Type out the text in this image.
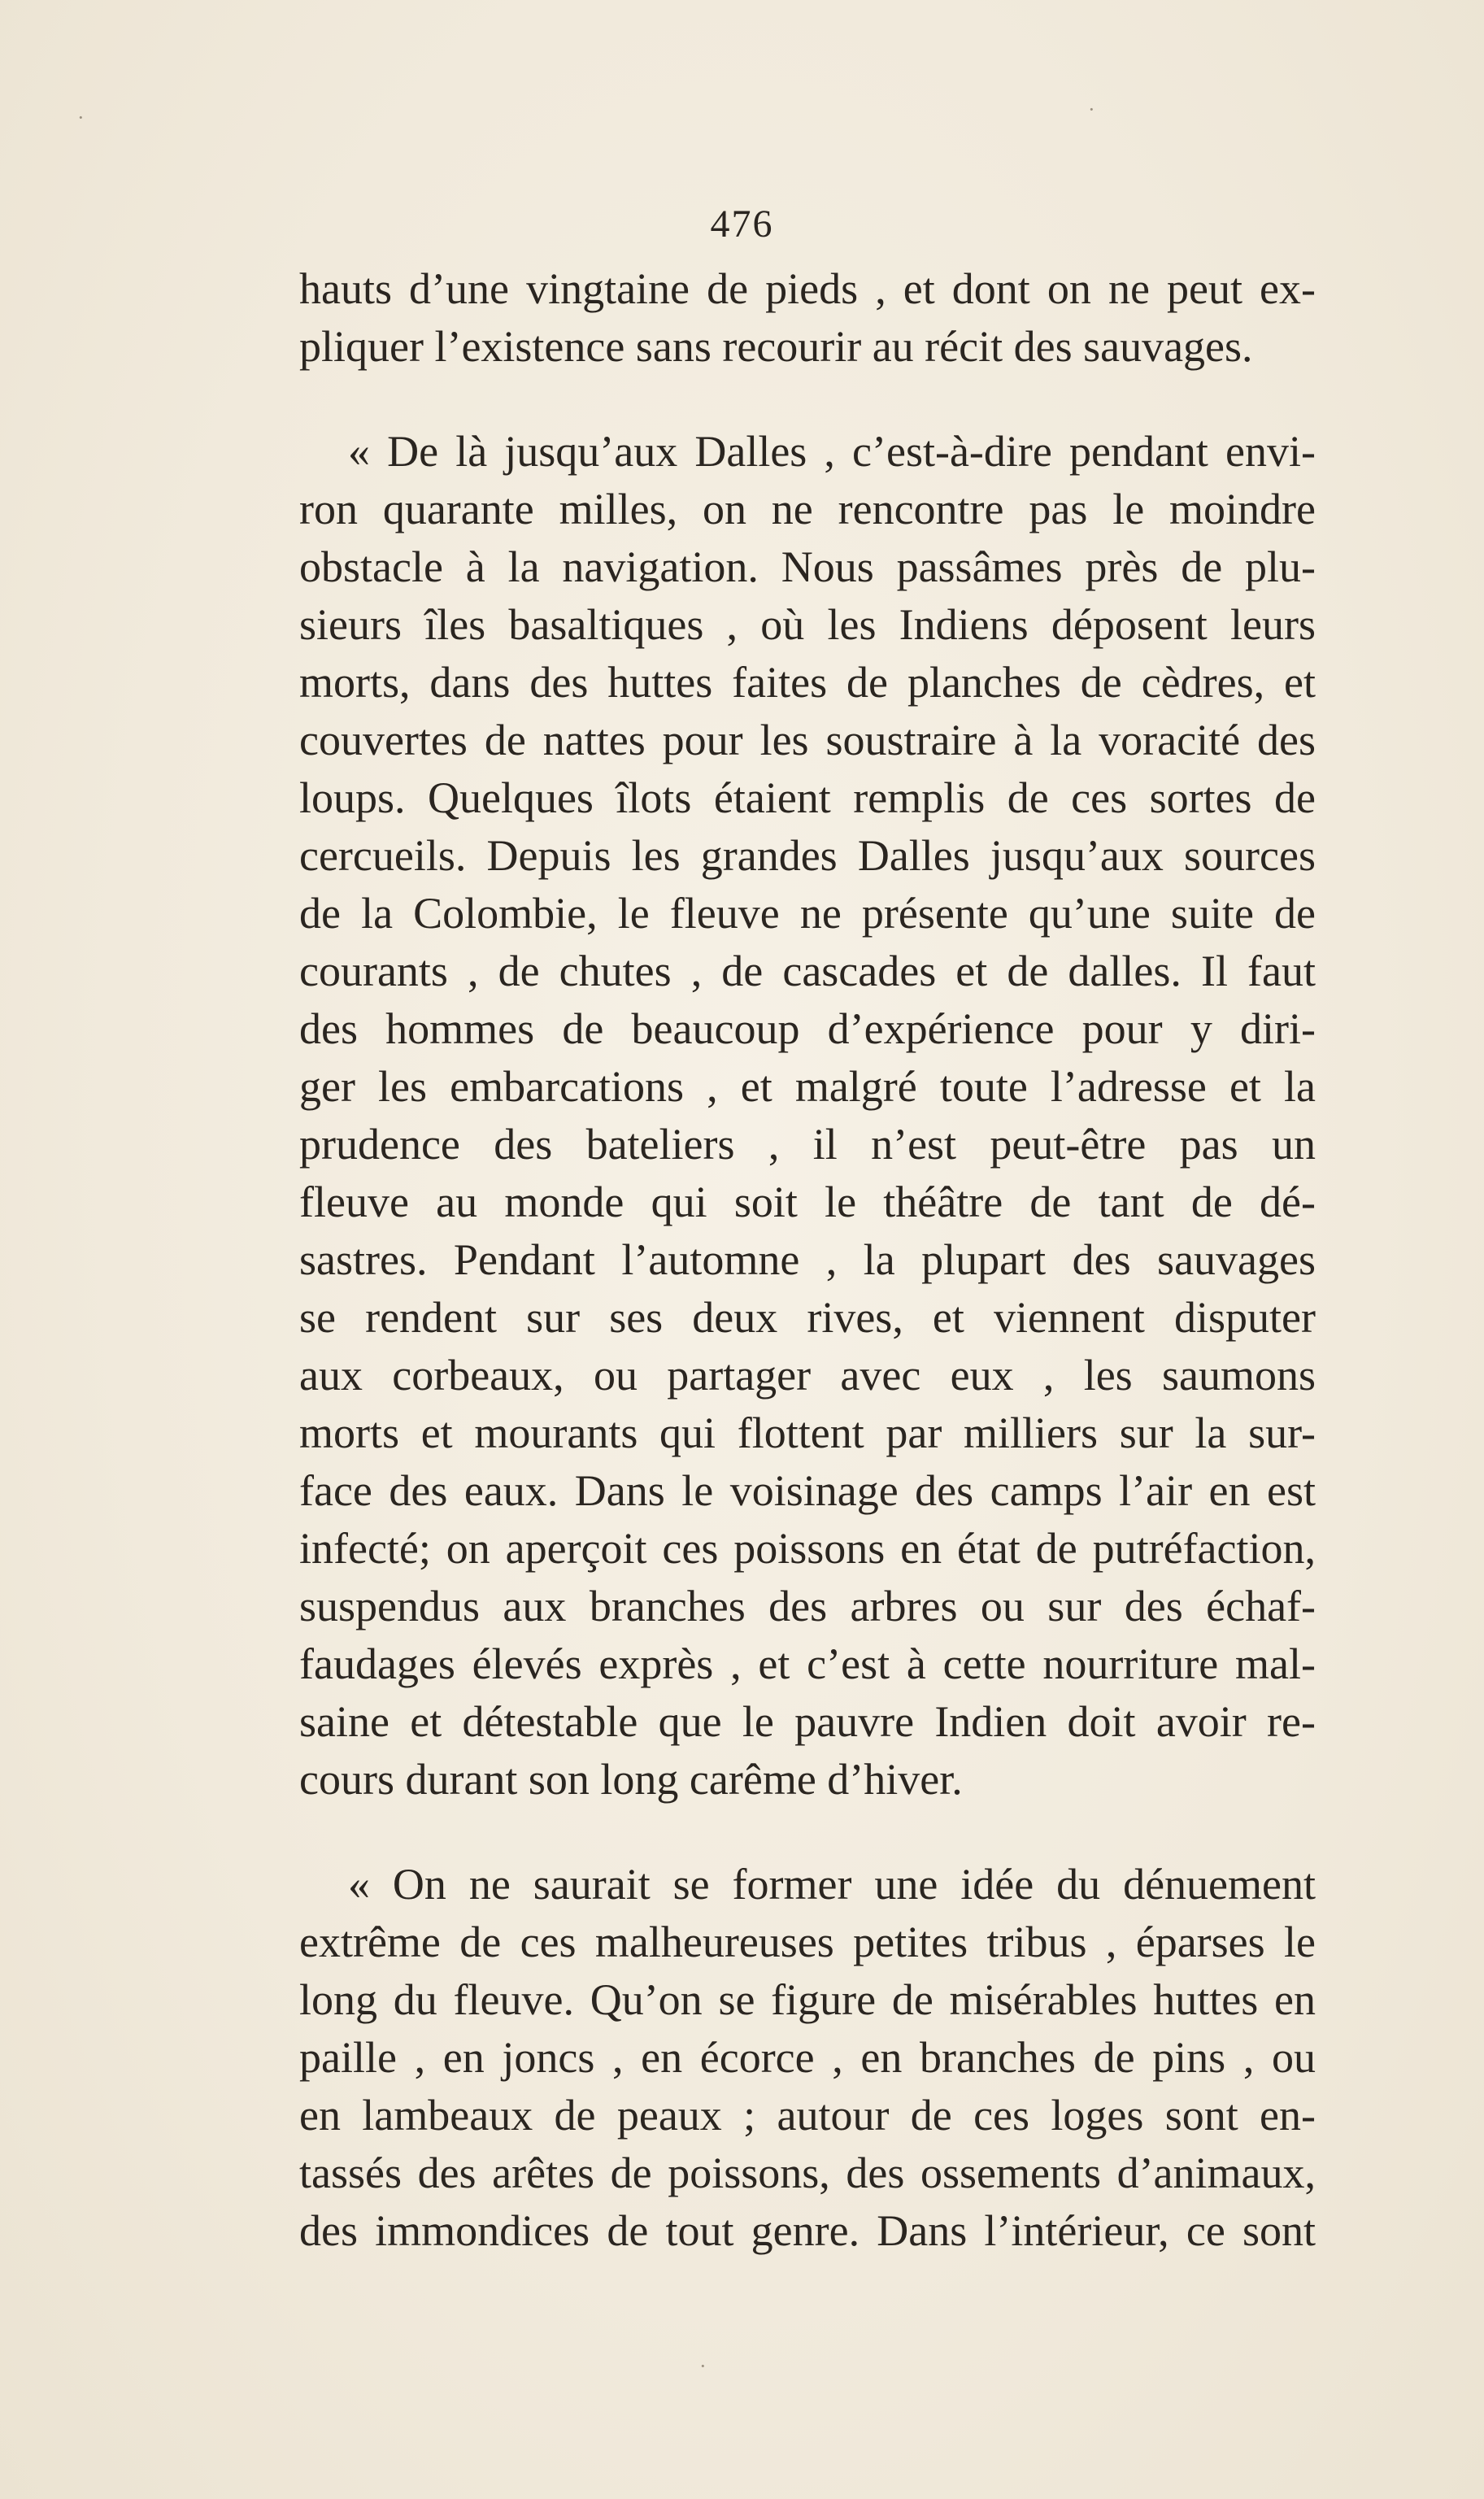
476
hauts d’une vingtaine de pieds , et dont on ne peut ex-
pliquer l’existence sans recourir au récit des sauvages.
« De là jusqu’aux Dalles , c’est-à-dire pendant envi-
ron quarante milles, on ne rencontre pas le moindre
obstacle à la navigation. Nous passâmes près de plu-
sieurs îles basaltiques , où les Indiens déposent leurs
morts, dans des huttes faites de planches de cèdres, et
couvertes de nattes pour les soustraire à la voracité des
loups. Quelques îlots étaient remplis de ces sortes de
cercueils. Depuis les grandes Dalles jusqu’aux sources
de la Colombie, le fleuve ne présente qu’une suite de
courants , de chutes , de cascades et de dalles. Il faut
des hommes de beaucoup d’expérience pour y diri-
ger les embarcations , et malgré toute l’adresse et la
prudence des bateliers , il n’est peut-être pas un
fleuve au monde qui soit le théâtre de tant de dé-
sastres. Pendant l’automne , la plupart des sauvages
se rendent sur ses deux rives, et viennent disputer
aux corbeaux, ou partager avec eux , les saumons
morts et mourants qui flottent par milliers sur la sur-
face des eaux. Dans le voisinage des camps l’air en est
infecté; on aperçoit ces poissons en état de putréfaction,
suspendus aux branches des arbres ou sur des échaf-
faudages élevés exprès , et c’est à cette nourriture mal-
saine et détestable que le pauvre Indien doit avoir re-
cours durant son long carême d’hiver.
« On ne saurait se former une idée du dénuement
extrême de ces malheureuses petites tribus , éparses le
long du fleuve. Qu’on se figure de misérables huttes en
paille , en joncs , en écorce , en branches de pins , ou
en lambeaux de peaux ; autour de ces loges sont en-
tassés des arêtes de poissons, des ossements d’animaux,
des immondices de tout genre. Dans l’intérieur, ce sont
·	·
·
